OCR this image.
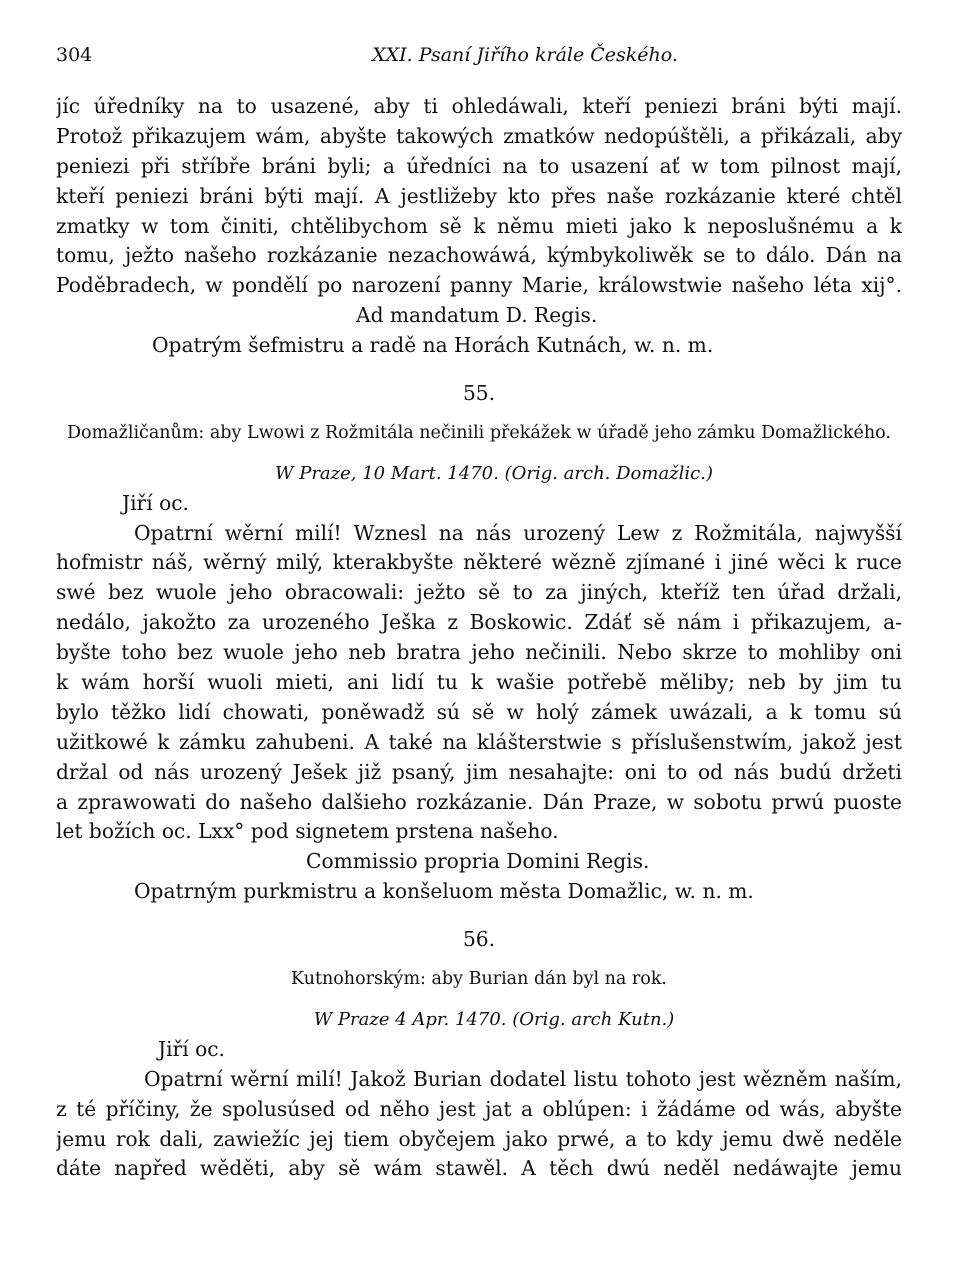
304	XXI. Psaní Jiřího krále Českého.
jíc úředníky na to usazené, aby ti ohledáwali, kteří peniezi bráni býti mají.
Protož přikazujem wám, abyšte takowých zmatków nedopúštěli, a přikázali, aby
peniezi při stříbře bráni byli; a úředníci na to usazení ať w tom pilnost mají,
kteří peniezi bráni býti mají. A jestližeby kto přes naše rozkázanie které chtěl
zmatky w tom činiti, chtělibychom sě k němu mieti jako k neposlušnému a k
tomu, ježto našeho rozkázanie nezachowáwá, kýmbykoliwěk se to dálo. Dán na
Poděbradech, w pondělí po narození panny Marie, králowstwie našeho léta xij°.
Ad mandatum D. Regis.
Opatrým šefmistru a radě na Horách Kutnách, w. n. m.
55.
Domažličanům: aby Lwowi z Rožmitála nečinili překážek w úřadě jeho zámku Domažlického.
W Praze, 10 Mart. 1470. (Orig. arch. Domažlic.)
Jiří oc.
Opatrní wěrní milí! Wznesl na nás urozený Lew z Rožmitála, najwyšší
hofmistr náš, wěrný milý, kterakbyšte některé wězně zjímané i jiné wěci k ruce
swé bez wuole jeho obracowali: ježto sě to za jiných, kteříž ten úřad držali,
nedálo, jakožto za urozeného Ješka z Boskowic. Zdáť sě nám i přikazujem, a-
byšte toho bez wuole jeho neb bratra jeho nečinili. Nebo skrze to mohliby oni
k wám horší wuoli mieti, ani lidí tu k wašie potřebě měliby; neb by jim tu
bylo těžko lidí chowati, poněwadž sú sě w holý zámek uwázali, a k tomu sú
užitkowé k zámku zahubeni. A také na klášterstwie s příslušenstwím, jakož jest
držal od nás urozený Ješek již psaný, jim nesahajte: oni to od nás budú držeti
a zprawowati do našeho dalšieho rozkázanie. Dán Praze, w sobotu prwú puoste
let božích oc. Lxx° pod signetem prstena našeho.
Commissio propria Domini Regis.
Opatrným purkmistru a konšeluom města Domažlic, w. n. m.
56.
Kutnohorským: aby Burian dán byl na rok.
W Praze 4 Apr. 1470. (Orig. arch Kutn.)
Jiří oc.
Opatrní wěrní milí! Jakož Burian dodatel listu tohoto jest wězněm naším,
z té příčiny, že spolusúsed od něho jest jat a oblúpen: i žádáme od wás, abyšte
jemu rok dali, zawiežíc jej tiem obyčejem jako prwé, a to kdy jemu dwě neděle
dáte napřed wěděti, aby sě wám stawěl. A těch dwú neděl nedáwajte jemu
